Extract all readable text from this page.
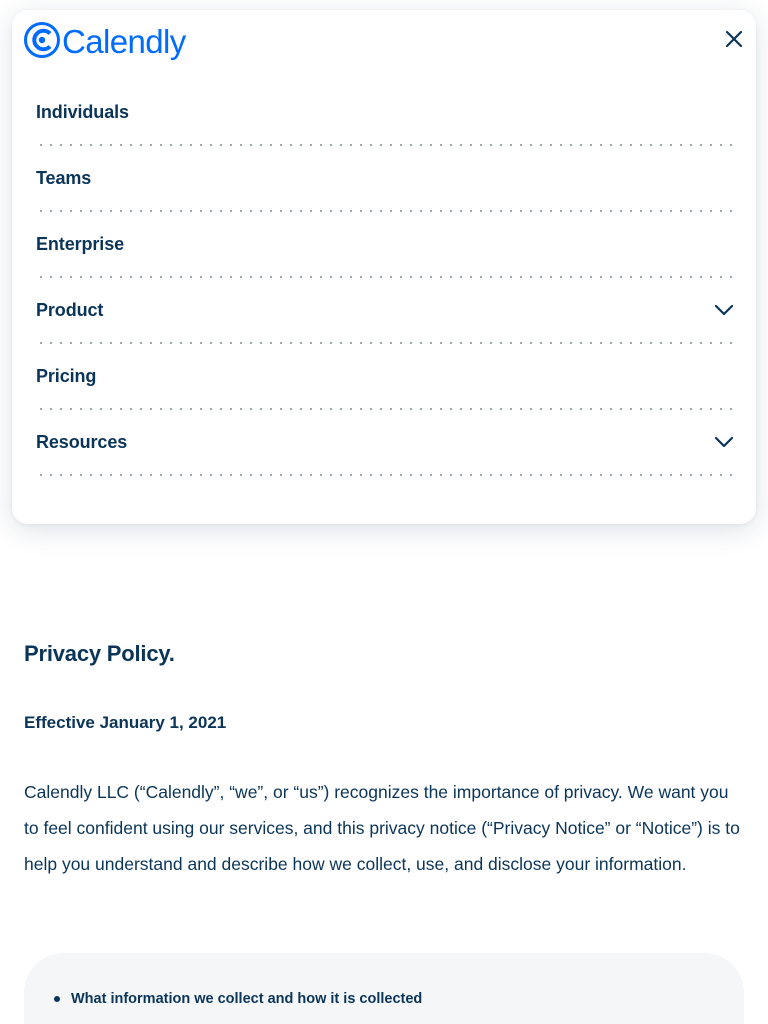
Calendly
Individuals
Teams
Enterprise
Product
Pricing
Resources
Privacy Policy.

Effective January 1, 2021

Calendly LLC (“Calendly”, “we”, or “us”) recognizes the importance of privacy. We want you to feel confident using our services, and this privacy notice (“Privacy Notice” or “Notice”) is to help you understand and describe how we collect, use, and disclose your information.

What information we collect and how it is collected
